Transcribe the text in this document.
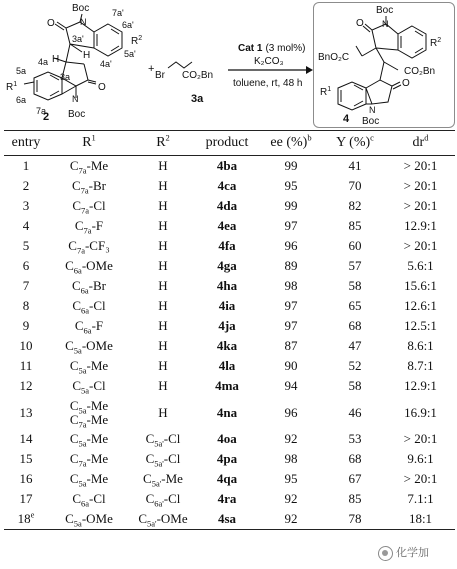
Boc
N
O
O
7a'
6a'
5a'
4a'
3a'
4a
5a
6a
7a
3a
H H
$R^2$
$R^1$
N
Boc
2
+
Br CO₂Bn
3a
Cat 1 (3 mol%)
K₂CO₃
toluene, rt, 48 h
Boc
N
O
$R^2$
BnO₂C
CO₂Bn
$R^1$
O
N
Boc
4
entry	$R^1$	$R^2$	product	ee (%)$^b$	Y (%)$^c$	$dr^d$
1	$C_{7a}-Me$	H	4ba	99	41	> 20:1
2	$C_{7a}-Br$	H	4ca	95	70	> 20:1
3	$C_{7a}-Cl$	H	4da	99	82	> 20:1
4	$C_{7a}-F$	H	4ea	97	85	12.9:1
5	$C_{7a}$-CF₃	H	4fa	96	60	> 20:1
6	$C_{6a}$-OMe	H	4ga	89	57	5.6:1
7	$C_{6a}-Br$	H	4ha	98	58	15.6:1
8	$C_{6a}-Cl$	H	4ia	97	65	12.6:1
9	$C_{6a}-F$	H	4ja	97	68	12.5:1
10	$C_{5a}$-OMe	H	4ka	87	47	8.6:1
11	$C_{5a}-Me$	H	4la	90	52	8.7:1
12	$C_{5a}-Cl$	H	4ma	94	58	12.9:1
13	$C_{5a}-Me$
$C_{7a}-Me$	H	4na	96	46	16.9:1
14	$C_{5a}-Me$	$C_{5a'}-Cl$	4oa	92	53	> 20:1
15	$C_{7a}-Me$	$C_{5a'}-Cl$	4pa	98	68	9.6:1
16	$C_{5a}-Me$	$C_{5a'}-Me$	4qa	95	67	> 20:1
17	$C_{6a}-Cl$	$C_{6a'}-Cl$	4ra	92	85	7.1:1
18e	$C_{5a}$-OMe	$C_{5a'}$-OMe	4sa	92	78	18:1
化学加
